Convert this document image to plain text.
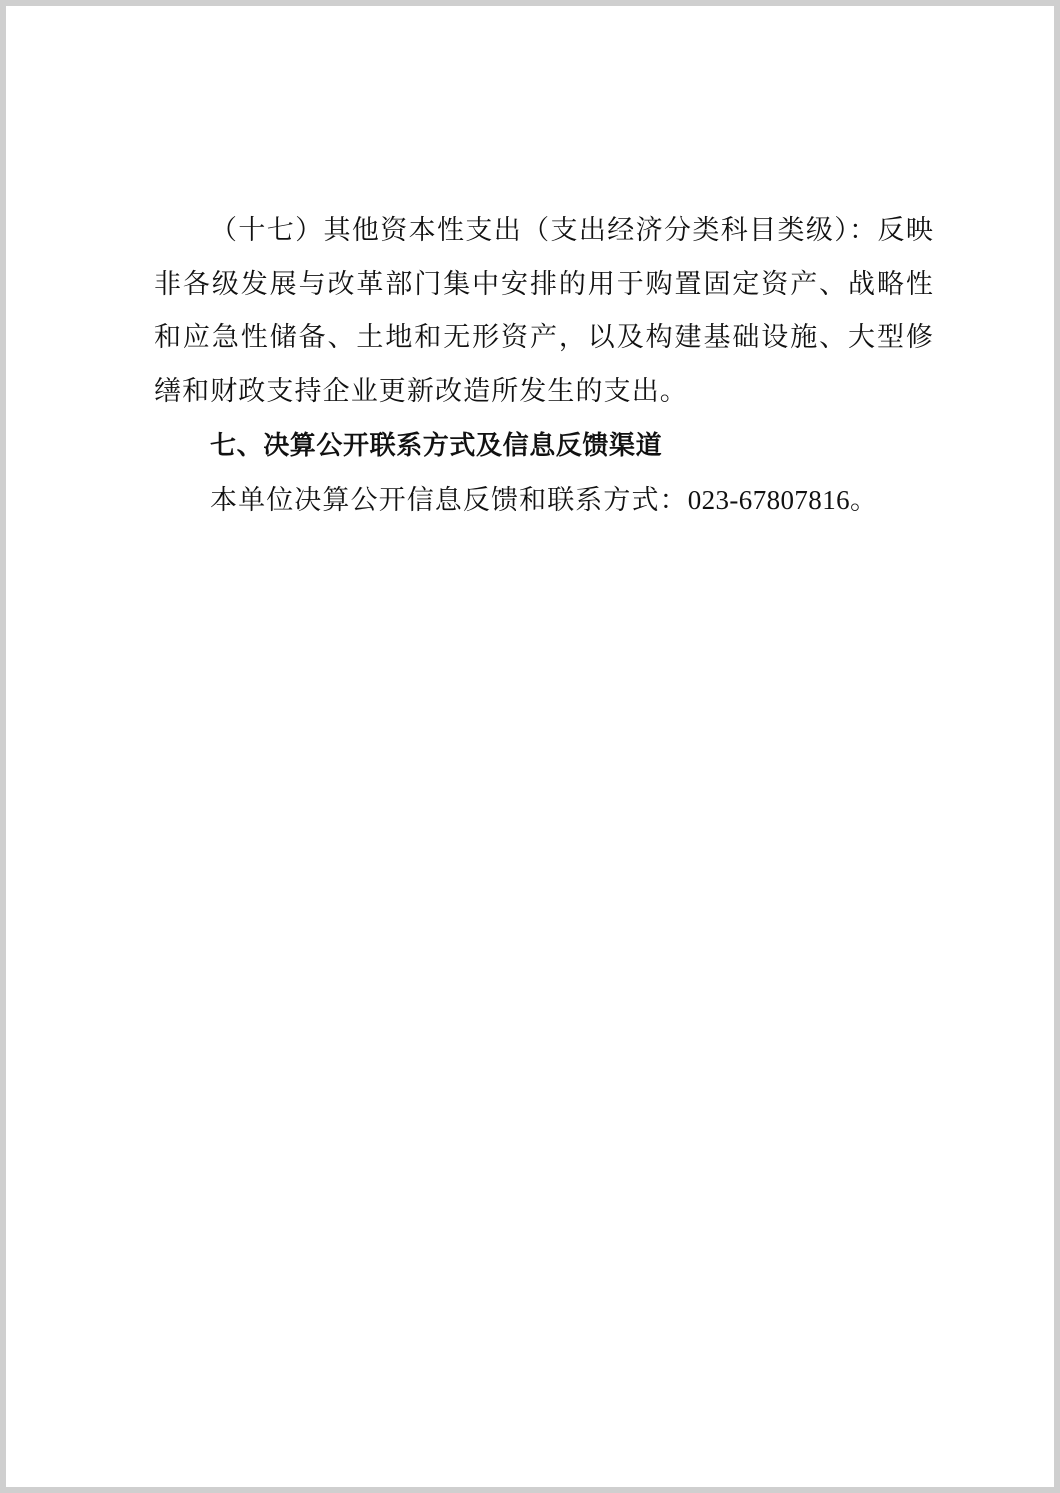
（十七）其他资本性支出（支出经济分类科目类级）：反映非各级发展与改革部门集中安排的用于购置固定资产、战略性和应急性储备、土地和无形资产，以及构建基础设施、大型修缮和财政支持企业更新改造所发生的支出。

七、决算公开联系方式及信息反馈渠道

本单位决算公开信息反馈和联系方式：023-67807816。
